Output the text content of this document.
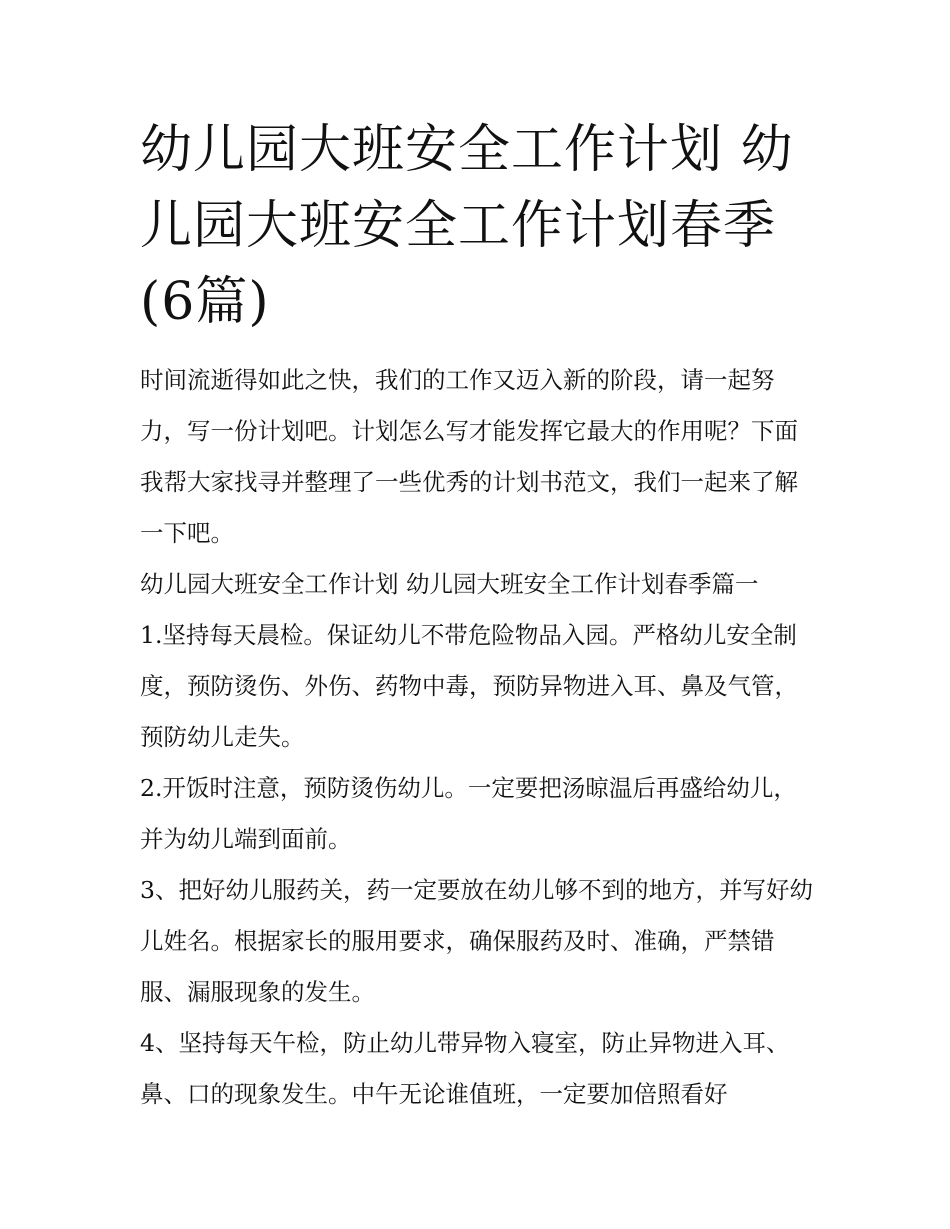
幼儿园大班安全工作计划 幼儿园大班安全工作计划春季(6篇)

时间流逝得如此之快，我们的工作又迈入新的阶段，请一起努力，写一份计划吧。计划怎么写才能发挥它最大的作用呢？下面我帮大家找寻并整理了一些优秀的计划书范文，我们一起来了解一下吧。

幼儿园大班安全工作计划 幼儿园大班安全工作计划春季篇一

1.坚持每天晨检。保证幼儿不带危险物品入园。严格幼儿安全制度，预防烫伤、外伤、药物中毒，预防异物进入耳、鼻及气管，预防幼儿走失。

2.开饭时注意，预防烫伤幼儿。一定要把汤晾温后再盛给幼儿，并为幼儿端到面前。

3、把好幼儿服药关，药一定要放在幼儿够不到的地方，并写好幼儿姓名。根据家长的服用要求，确保服药及时、准确，严禁错服、漏服现象的发生。

4、坚持每天午检，防止幼儿带异物入寝室，防止异物进入耳、鼻、口的现象发生。中午无论谁值班，一定要加倍照看好
